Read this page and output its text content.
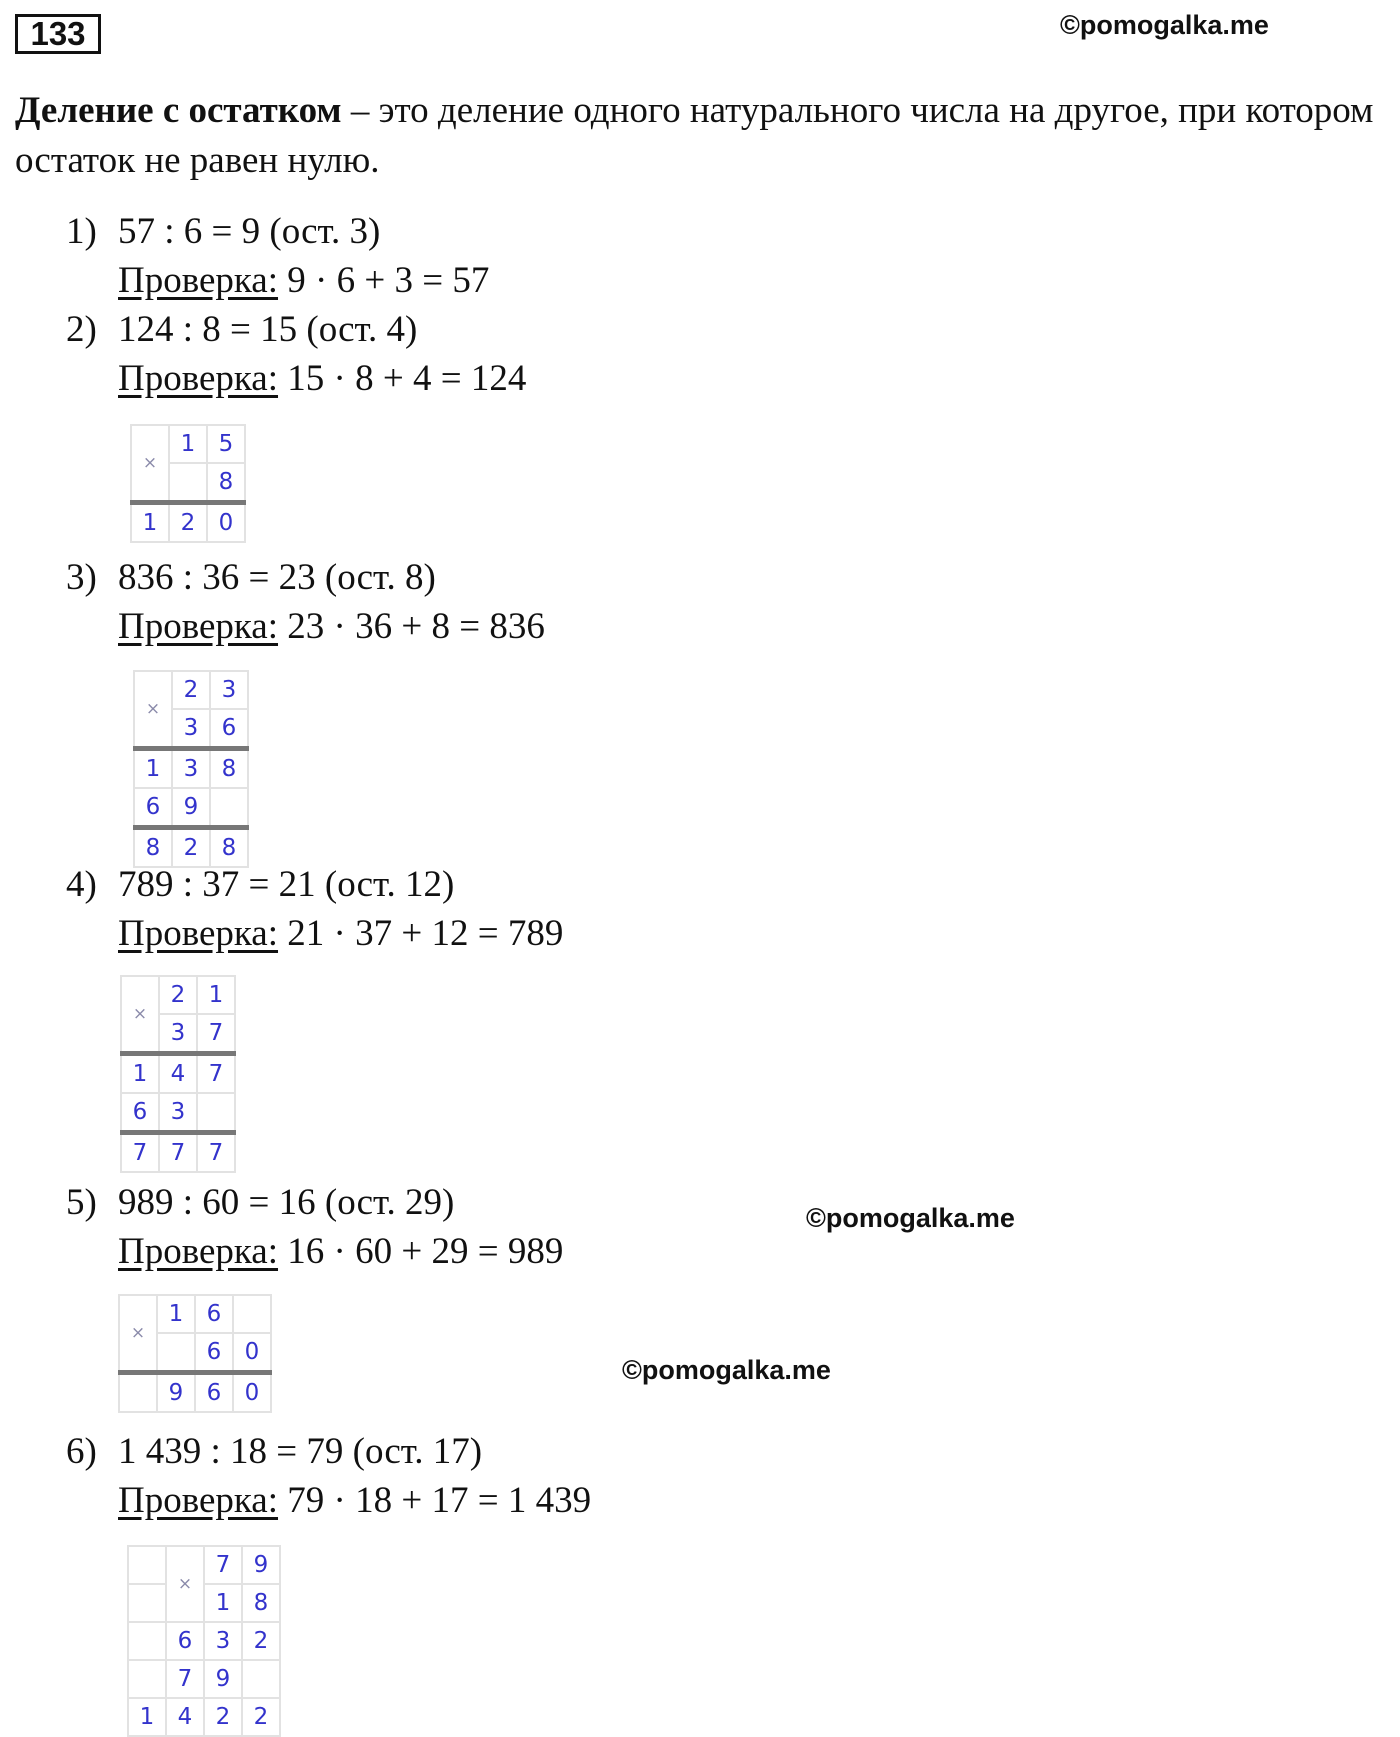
133	©pomogalka.me
Деление с остатком – это деление одного натурального числа на другое, при котором остаток не равен нулю.
1) 57 : 6 = 9 (ост. 3)
Проверка: 9 · 6 + 3 = 57
2) 124 : 8 = 15 (ост. 4)
Проверка: 15 · 8 + 4 = 124
×	1	5
		8
1	2	0
3) 836 : 36 = 23 (ост. 8)
Проверка: 23 · 36 + 8 = 836
×	2	3
	3	6
1	3	8
6	9	
8	2	8
4) 789 : 37 = 21 (ост. 12)
Проверка: 21 · 37 + 12 = 789
×	2	1
	3	7
1	4	7
6	3	
7	7	7
5) 989 : 60 = 16 (ост. 29)
Проверка: 16 · 60 + 29 = 989
©pomogalka.me
×	1	6	
		6	0
	9	6	0
©pomogalka.me
6) 1 439 : 18 = 79 (ост. 17)
Проверка: 79 · 18 + 17 = 1 439
	×	7	9
		1	8
	6	3	2
	7	9	
1	4	2	2
